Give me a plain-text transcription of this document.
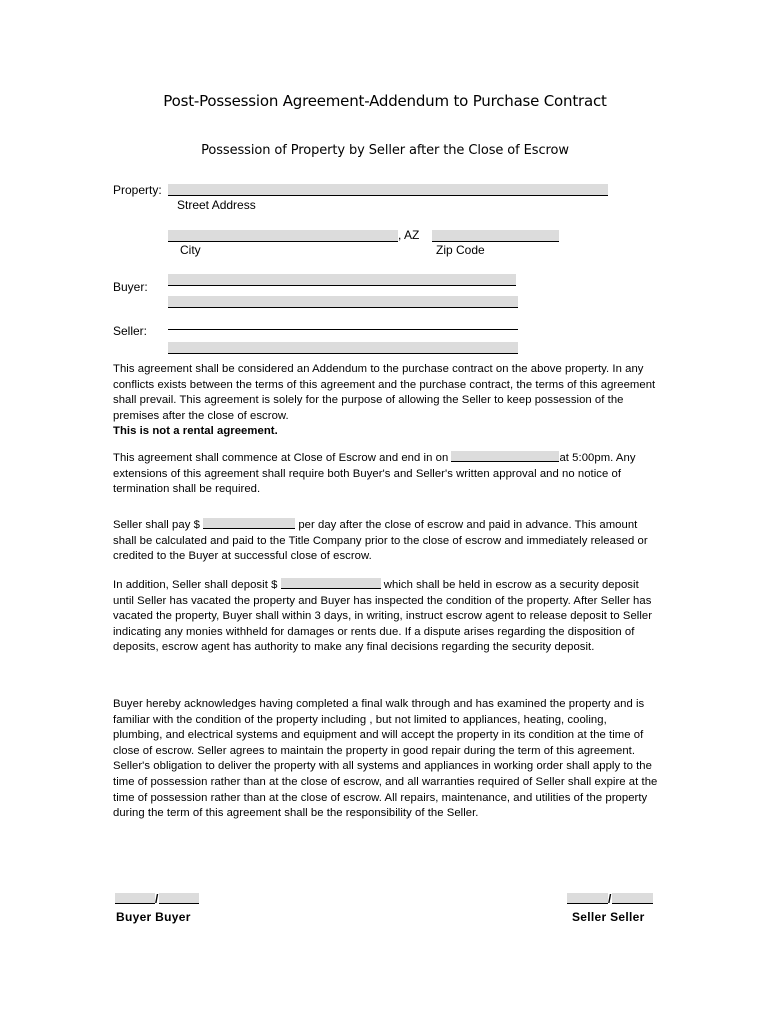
Post-Possession Agreement-Addendum to Purchase Contract
Possession of Property by Seller after the Close of Escrow
Property:
Street Address
, AZ
City	Zip Code
Buyer:
Seller:

This agreement shall be considered an Addendum to the purchase contract on the above property. In any conflicts exists between the terms of this agreement and the purchase contract, the terms of this agreement shall prevail. This agreement is solely for the purpose of allowing the Seller to keep possession of the premises after the close of escrow.

This is not a rental agreement.

This agreement shall commence at Close of Escrow and end in on	at 5:00pm. Any extensions of this agreement shall require both Buyer's and Seller's written approval and no notice of termination shall be required.
Seller shall pay $	per day after the close of escrow and paid in advance. This amount shall be calculated and paid to the Title Company prior to the close of escrow and immediately released or credited to the Buyer at successful close of escrow.
In addition, Seller shall deposit $	which shall be held in escrow as a security deposit until Seller has vacated the property and Buyer has inspected the condition of the property. After Seller has vacated the property, Buyer shall within 3 days, in writing, instruct escrow agent to release deposit to Seller indicating any monies withheld for damages or rents due. If a dispute arises regarding the disposition of deposits, escrow agent has authority to make any final decisions regarding the security deposit.

Buyer hereby acknowledges having completed a final walk through and has examined the property and is familiar with the condition of the property including , but not limited to appliances, heating, cooling, plumbing, and electrical systems and equipment and will accept the property in its condition at the time of close of escrow. Seller agrees to maintain the property in good repair during the term of this agreement. Seller's obligation to deliver the property with all systems and appliances in working order shall apply to the time of possession rather than at the close of escrow, and all warranties required of Seller shall expire at the time of possession rather than at the close of escrow. All repairs, maintenance, and utilities of the property during the term of this agreement shall be the responsibility of the Seller.

/
Buyer Buyer
/
Seller Seller
